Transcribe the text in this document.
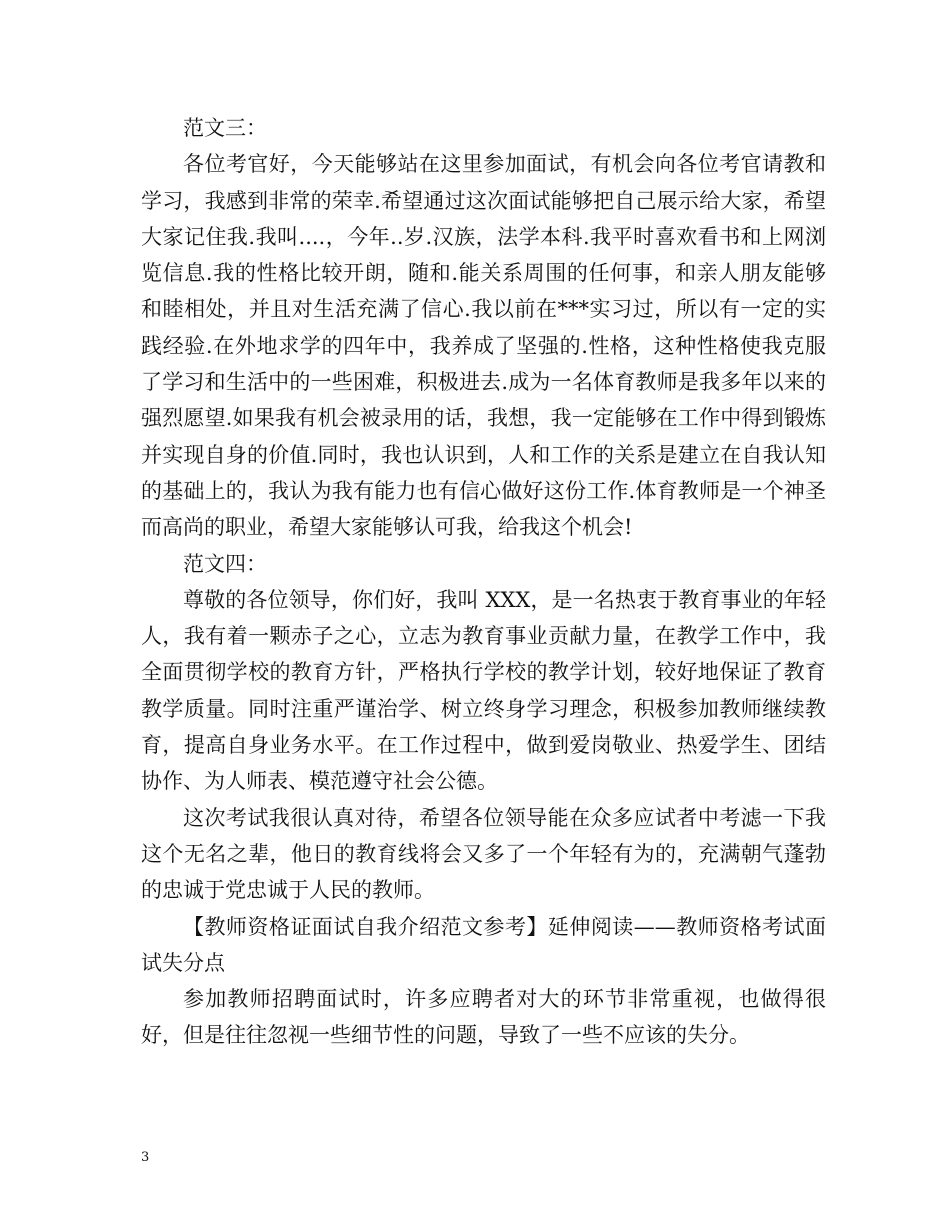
范文三：

各位考官好，今天能够站在这里参加面试，有机会向各位考官请教和学习，我感到非常的荣幸.希望通过这次面试能够把自己展示给大家，希望大家记住我.我叫....，今年..岁.汉族，法学本科.我平时喜欢看书和上网浏览信息.我的性格比较开朗，随和.能关系周围的任何事，和亲人朋友能够和睦相处，并且对生活充满了信心.我以前在***实习过，所以有一定的实践经验.在外地求学的四年中，我养成了坚强的.性格，这种性格使我克服了学习和生活中的一些困难，积极进去.成为一名体育教师是我多年以来的强烈愿望.如果我有机会被录用的话，我想，我一定能够在工作中得到锻炼并实现自身的价值.同时，我也认识到，人和工作的关系是建立在自我认知的基础上的，我认为我有能力也有信心做好这份工作.体育教师是一个神圣而高尚的职业，希望大家能够认可我，给我这个机会!

范文四：

尊敬的各位领导，你们好，我叫 XXX，是一名热衷于教育事业的年轻人，我有着一颗赤子之心，立志为教育事业贡献力量，在教学工作中，我全面贯彻学校的教育方针，严格执行学校的教学计划，较好地保证了教育教学质量。同时注重严谨治学、树立终身学习理念，积极参加教师继续教育，提高自身业务水平。在工作过程中，做到爱岗敬业、热爱学生、团结协作、为人师表、模范遵守社会公德。

这次考试我很认真对待，希望各位领导能在众多应试者中考滤一下我这个无名之辈，他日的教育线将会又多了一个年轻有为的，充满朝气蓬勃的忠诚于党忠诚于人民的教师。

【教师资格证面试自我介绍范文参考】延伸阅读——教师资格考试面试失分点

参加教师招聘面试时，许多应聘者对大的环节非常重视，也做得很好，但是往往忽视一些细节性的问题，导致了一些不应该的失分。

3
